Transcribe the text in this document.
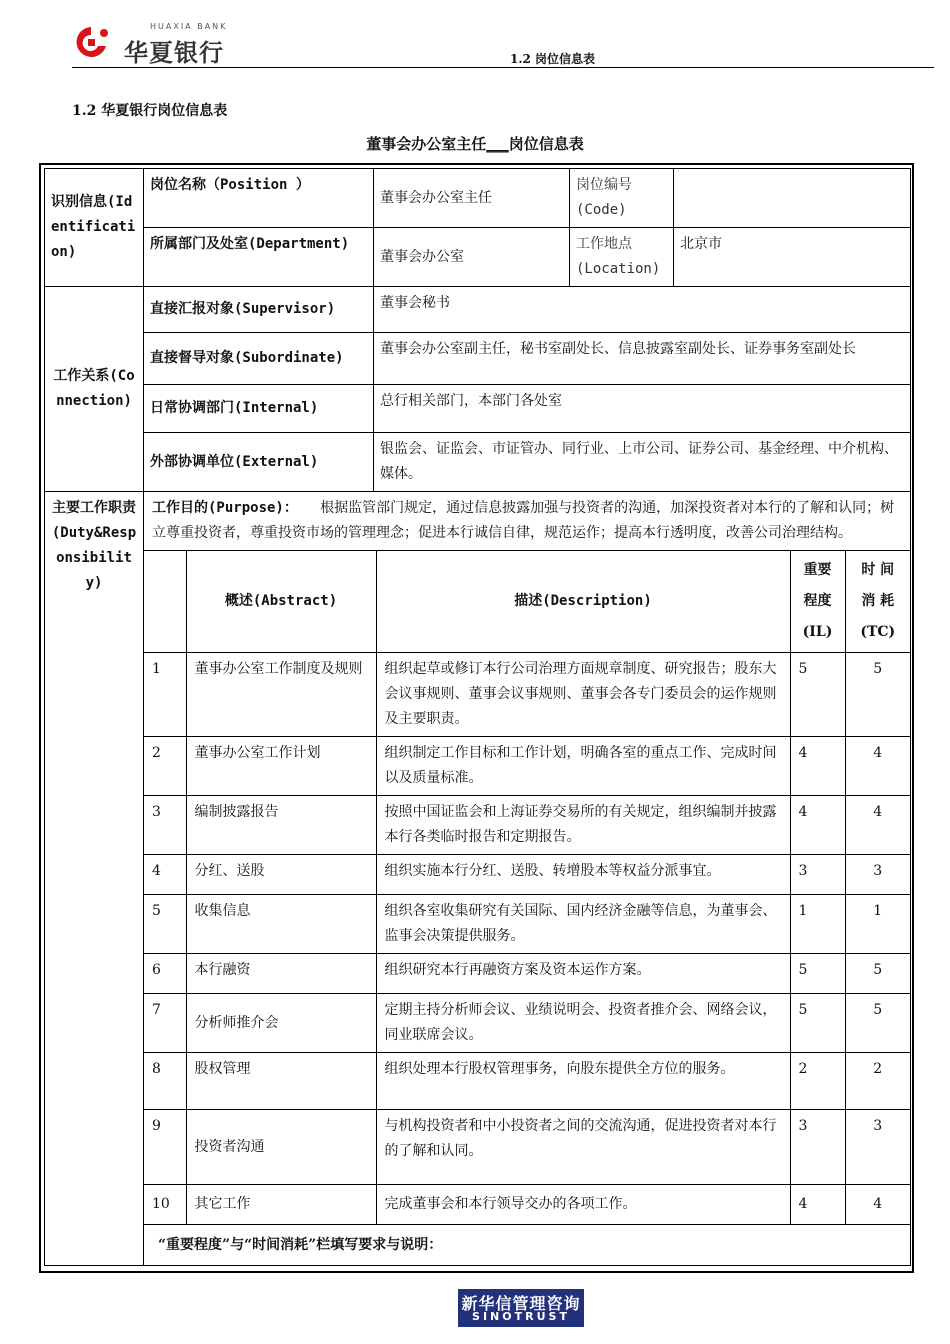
HUAXIA BANK
华夏银行	1.2 岗位信息表
1.2 华夏银行岗位信息表
董事会办公室主任___岗位信息表
识别信息(Identification)	岗位名称（Position ）	董事会办公室主任	岗位编号(Code)	
所属部门及处室(Department)	董事会办公室	工作地点(Location)	北京市
工作关系(Connection)	直接汇报对象(Supervisor)	董事会秘书
直接督导对象(Subordinate)	董事会办公室副主任，秘书室副处长、信息披露室副处长、证券事务室副处长
日常协调部门(Internal)	总行相关部门，本部门各处室
外部协调单位(External)	银监会、证监会、市证管办、同行业、上市公司、证券公司、基金经理、中介机构、媒体。
主要工作职责(Duty&Responsibility)	
工作目的(Purpose)： 根据监管部门规定，通过信息披露加强与投资者的沟通，加深投资者对本行的了解和认同；树立尊重投资者，尊重投资市场的管理理念；促进本行诚信自律，规范运作；提高本行透明度，改善公司治理结构。
	概述(Abstract)	描述(Description)	重要程度(IL)	时 间 消 耗 (TC)
1	董事办公室工作制度及规则	组织起草或修订本行公司治理方面规章制度、研究报告；股东大会议事规则、董事会议事规则、董事会各专门委员会的运作规则及主要职责。	5	5
2	董事办公室工作计划	组织制定工作目标和工作计划，明确各室的重点工作、完成时间以及质量标准。	4	4
3	编制披露报告	按照中国证监会和上海证券交易所的有关规定，组织编制并披露本行各类临时报告和定期报告。	4	4
4	分红、送股	组织实施本行分红、送股、转增股本等权益分派事宜。	3	3
5	收集信息	组织各室收集研究有关国际、国内经济金融等信息，为董事会、监事会决策提供服务。	1	1
6	本行融资	组织研究本行再融资方案及资本运作方案。	5	5
7	分析师推介会	定期主持分析师会议、业绩说明会、投资者推介会、网络会议，同业联席会议。	5	5
8	股权管理	组织处理本行股权管理事务，向股东提供全方位的服务。	2	2
9	投资者沟通	与机构投资者和中小投资者之间的交流沟通，促进投资者对本行的了解和认同。	3	3
10	其它工作	完成董事会和本行领导交办的各项工作。	4	4
“重要程度”与“时间消耗”栏填写要求与说明：
新华信管理咨询
SINOTRUST
